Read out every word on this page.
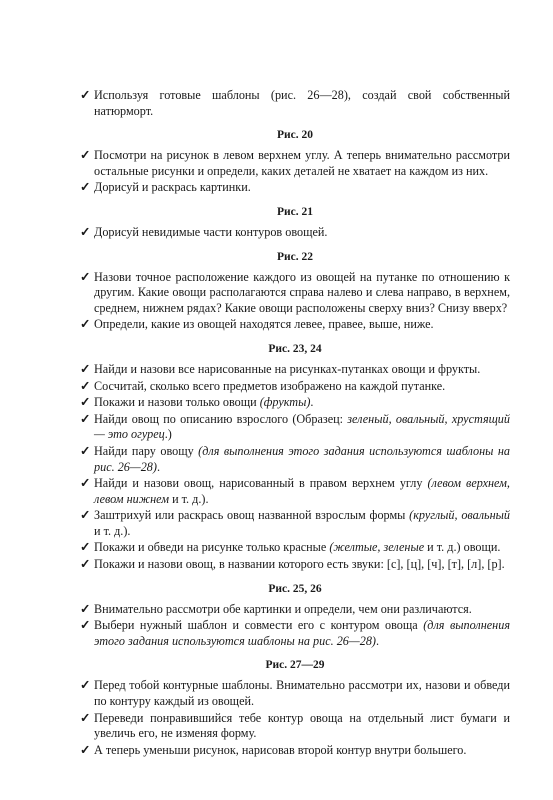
✓ Используя готовые шаблоны (рис. 26—28), создай свой собственный натюрморт.
Рис. 20
✓ Посмотри на рисунок в левом верхнем углу. А теперь внимательно рассмотри остальные рисунки и определи, каких деталей не хватает на каждом из них.
✓ Дорисуй и раскрась картинки.
Рис. 21
✓ Дорисуй невидимые части контуров овощей.
Рис. 22
✓ Назови точное расположение каждого из овощей на путанке по отношению к другим. Какие овощи располагаются справа налево и слева направо, в верхнем, среднем, нижнем рядах? Какие овощи расположены сверху вниз? Снизу вверх?
✓ Определи, какие из овощей находятся левее, правее, выше, ниже.
Рис. 23, 24
✓ Найди и назови все нарисованные на рисунках-путанках овощи и фрукты.
✓ Сосчитай, сколько всего предметов изображено на каждой путанке.
✓ Покажи и назови только овощи (фрукты).
✓ Найди овощ по описанию взрослого (Образец: зеленый, овальный, хрустящий — это огурец.)
✓ Найди пару овощу (для выполнения этого задания используются шаблоны на рис. 26—28).
✓ Найди и назови овощ, нарисованный в правом верхнем углу (левом верхнем, левом нижнем и т. д.).
✓ Заштрихуй или раскрась овощ названной взрослым формы (круглый, овальный и т. д.).
✓ Покажи и обведи на рисунке только красные (желтые, зеленые и т. д.) овощи.
✓ Покажи и назови овощ, в названии которого есть звуки: [с], [ц], [ч], [т], [л], [р].
Рис. 25, 26
✓ Внимательно рассмотри обе картинки и определи, чем они различаются.
✓ Выбери нужный шаблон и совмести его с контуром овоща (для выполнения этого задания используются шаблоны на рис. 26—28).
Рис. 27—29
✓ Перед тобой контурные шаблоны. Внимательно рассмотри их, назови и обведи по контуру каждый из овощей.
✓ Переведи понравившийся тебе контур овоща на отдельный лист бумаги и увеличь его, не изменяя форму.
✓ А теперь уменьши рисунок, нарисовав второй контур внутри большего.
